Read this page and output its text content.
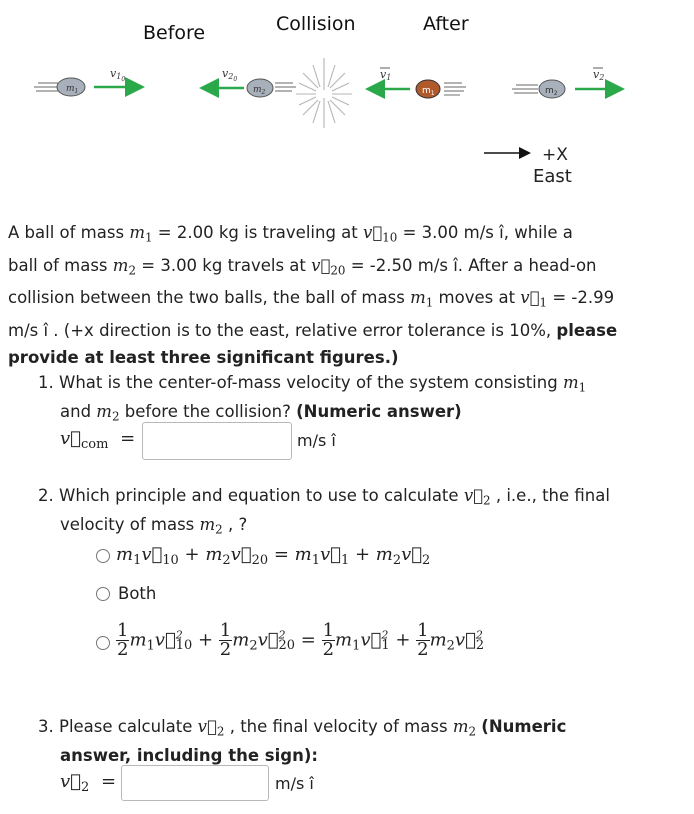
Before	Collision	After
$m_1$
v10	v20
$m_2$
v1
$m_1$	$m_2$
v2
+X
East
A ball of mass $m_1 = 2.00$ kg is traveling at $v⃗_{10} = 3.00$ m/s î, while a
ball of mass $m_2 = 3.00$ kg travels at $v⃗_{20} = -2.50$ m/s î. After a head-on
collision between the two balls, the ball of mass $m_1$ moves at $v⃗_1 = -2.99$
m/s î . (+x direction is to the east, relative error tolerance is 10%, please
provide at least three significant figures.)
1. What is the center-of-mass velocity of the system consisting $m_1$
and $m_2$ before the collision? (Numeric answer)
$v⃗_{com}$ =	m/s î
2. Which principle and equation to use to calculate $v⃗_2$ , i.e., the final
velocity of mass $m_2$ , ?
$m_1v⃗_{10}$ + $m_2v⃗_{20}$ = $m_1v⃗_1$ + $m_2v⃗_2$
Both
$\frac{1}{2}$ $m_1v⃗^2_{10} + \frac{1}{2}$ $m_2v⃗^2_{20} = \frac{1}{2}$ $m_1v⃗^2_1 + \frac{1}{2}$ $m_2v⃗^2_2$
3. Please calculate $v⃗_2$ , the final velocity of mass $m_2$ (Numeric
answer, including the sign):
$v⃗_2$ =	m/s î
